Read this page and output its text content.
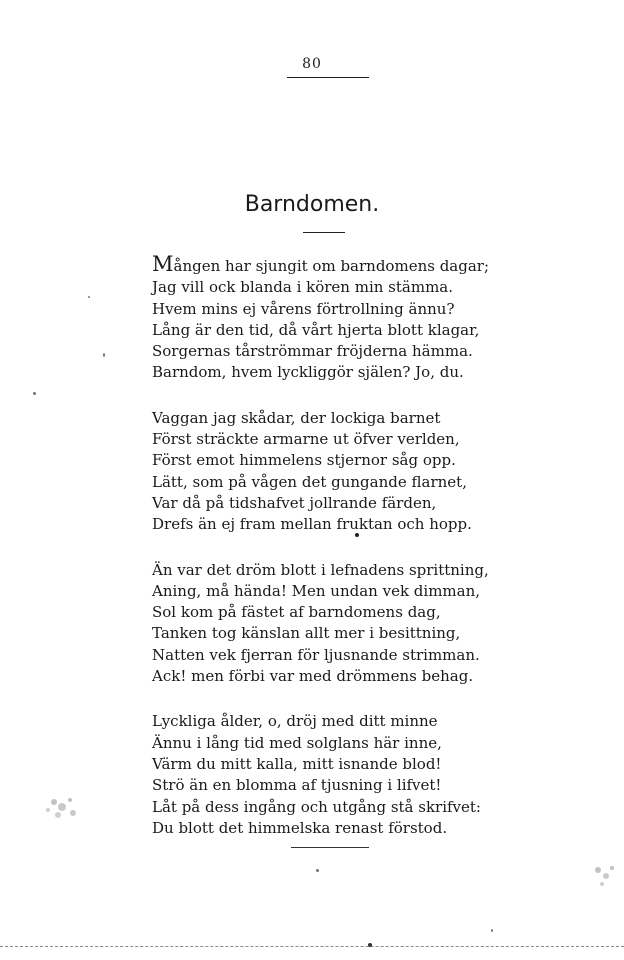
80
Barndomen.
Mången har sjungit om barndomens dagar;
Jag vill ock blanda i kören min stämma.
Hvem mins ej vårens förtrollning ännu?
Lång är den tid, då vårt hjerta blott klagar,
Sorgernas tårströmmar fröjderna hämma.
Barndom, hvem lyckliggör själen? Jo, du.
Vaggan jag skådar, der lockiga barnet
Först sträckte armarne ut öfver verlden,
Först emot himmelens stjernor såg opp.
Lätt, som på vågen det gungande flarnet,
Var då på tidshafvet jollrande färden,
Drefs än ej fram mellan fruktan och hopp.
Än var det dröm blott i lefnadens sprittning,
Aning, må hända! Men undan vek dimman,
Sol kom på fästet af barndomens dag,
Tanken tog känslan allt mer i besittning,
Natten vek fjerran för ljusnande strimman.
Ack! men förbi var med drömmens behag.
Lyckliga ålder, o, dröj med ditt minne
Ännu i lång tid med solglans här inne,
Värm du mitt kalla, mitt isnande blod!
Strö än en blomma af tjusning i lifvet!
Låt på dess ingång och utgång stå skrifvet:
Du blott det himmelska renast förstod.
